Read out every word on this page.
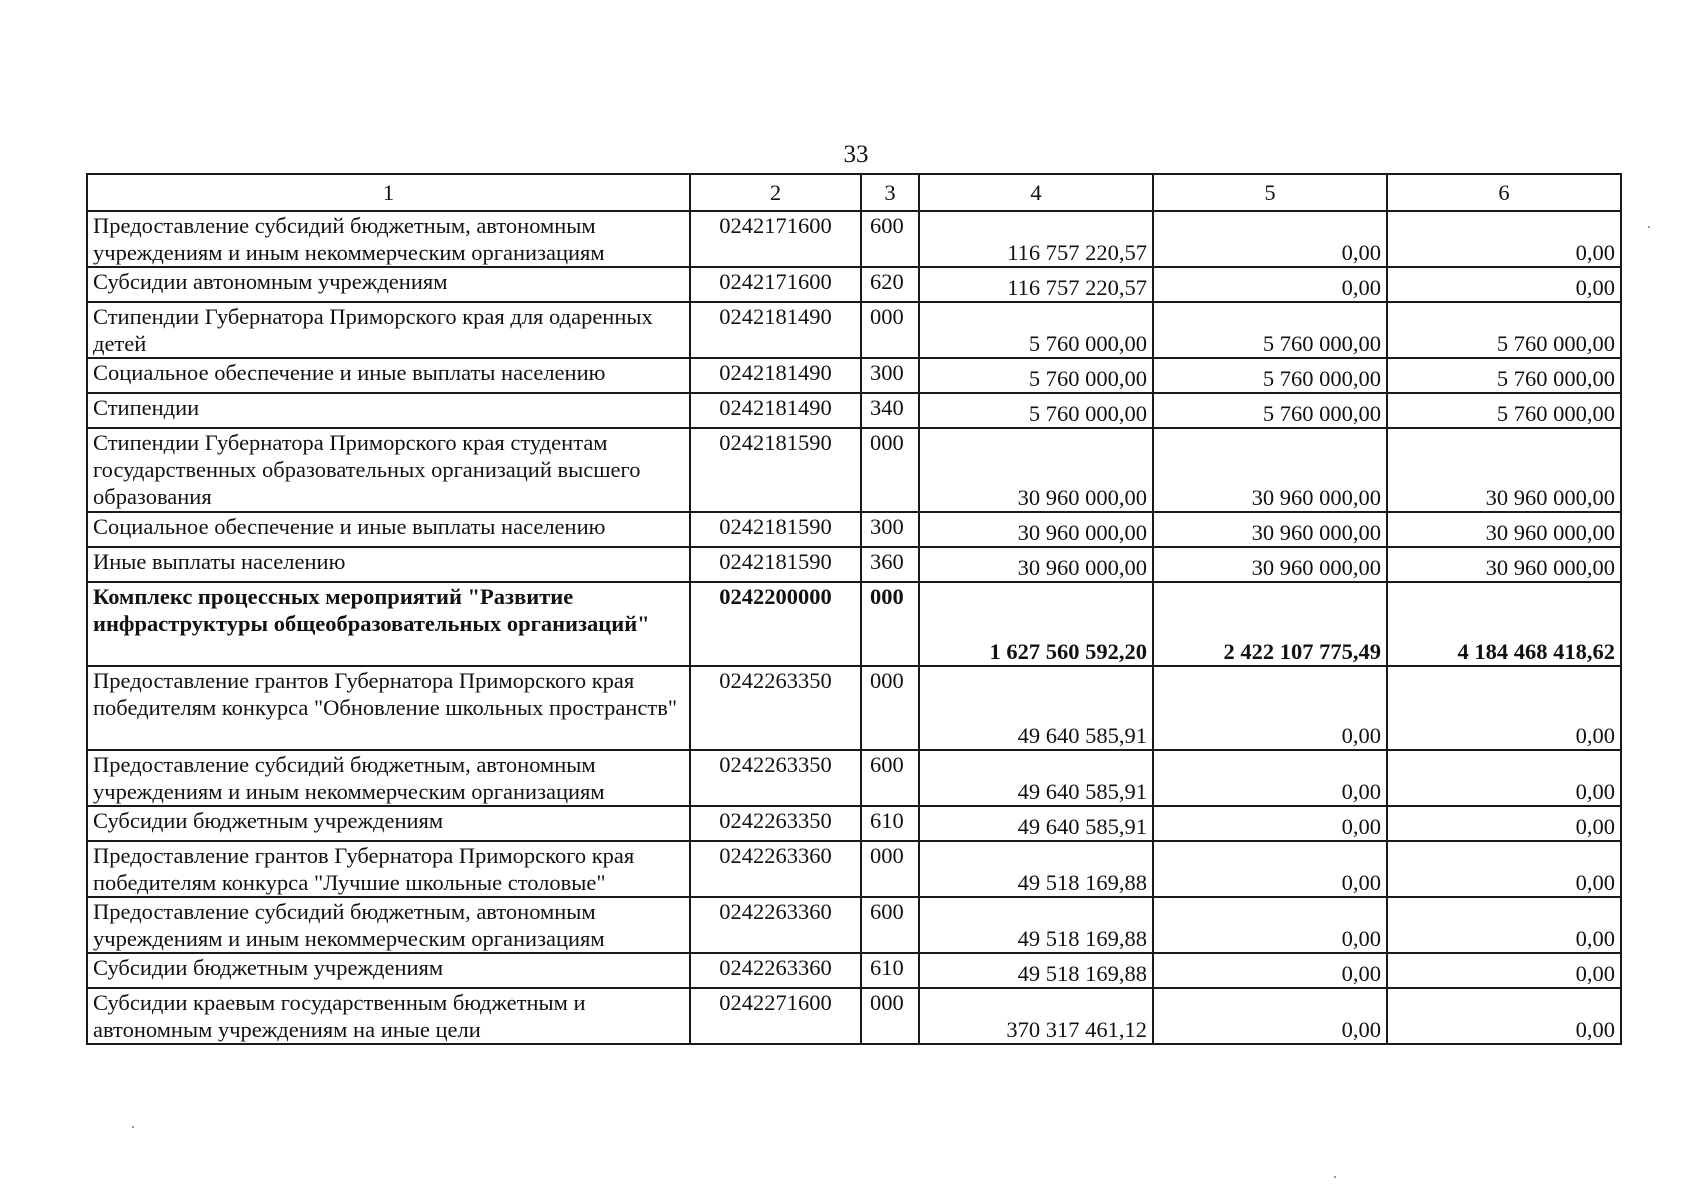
33
1	2	3	4	5	6
Предоставление субсидий бюджетным, автономным учреждениям и иным некоммерческим организациям	0242171600	600	116 757 220,57	0,00	0,00
Субсидии автономным учреждениям	0242171600	620	116 757 220,57	0,00	0,00
Стипендии Губернатора Приморского края для одаренных детей	0242181490	000	5 760 000,00	5 760 000,00	5 760 000,00
Социальное обеспечение и иные выплаты населению	0242181490	300	5 760 000,00	5 760 000,00	5 760 000,00
Стипендии	0242181490	340	5 760 000,00	5 760 000,00	5 760 000,00
Стипендии Губернатора Приморского края студентам государственных образовательных организаций высшего образования	0242181590	000	30 960 000,00	30 960 000,00	30 960 000,00
Социальное обеспечение и иные выплаты населению	0242181590	300	30 960 000,00	30 960 000,00	30 960 000,00
Иные выплаты населению	0242181590	360	30 960 000,00	30 960 000,00	30 960 000,00
Комплекс процессных мероприятий "Развитие инфраструктуры общеобразовательных организаций"	0242200000	000	1 627 560 592,20	2 422 107 775,49	4 184 468 418,62
Предоставление грантов Губернатора Приморского края победителям конкурса "Обновление школьных пространств"	0242263350	000	49 640 585,91	0,00	0,00
Предоставление субсидий бюджетным, автономным учреждениям и иным некоммерческим организациям	0242263350	600	49 640 585,91	0,00	0,00
Субсидии бюджетным учреждениям	0242263350	610	49 640 585,91	0,00	0,00
Предоставление грантов Губернатора Приморского края победителям конкурса "Лучшие школьные столовые"	0242263360	000	49 518 169,88	0,00	0,00
Предоставление субсидий бюджетным, автономным учреждениям и иным некоммерческим организациям	0242263360	600	49 518 169,88	0,00	0,00
Субсидии бюджетным учреждениям	0242263360	610	49 518 169,88	0,00	0,00
Субсидии краевым государственным бюджетным и автономным учреждениям на иные цели	0242271600	000	370 317 461,12	0,00	0,00
